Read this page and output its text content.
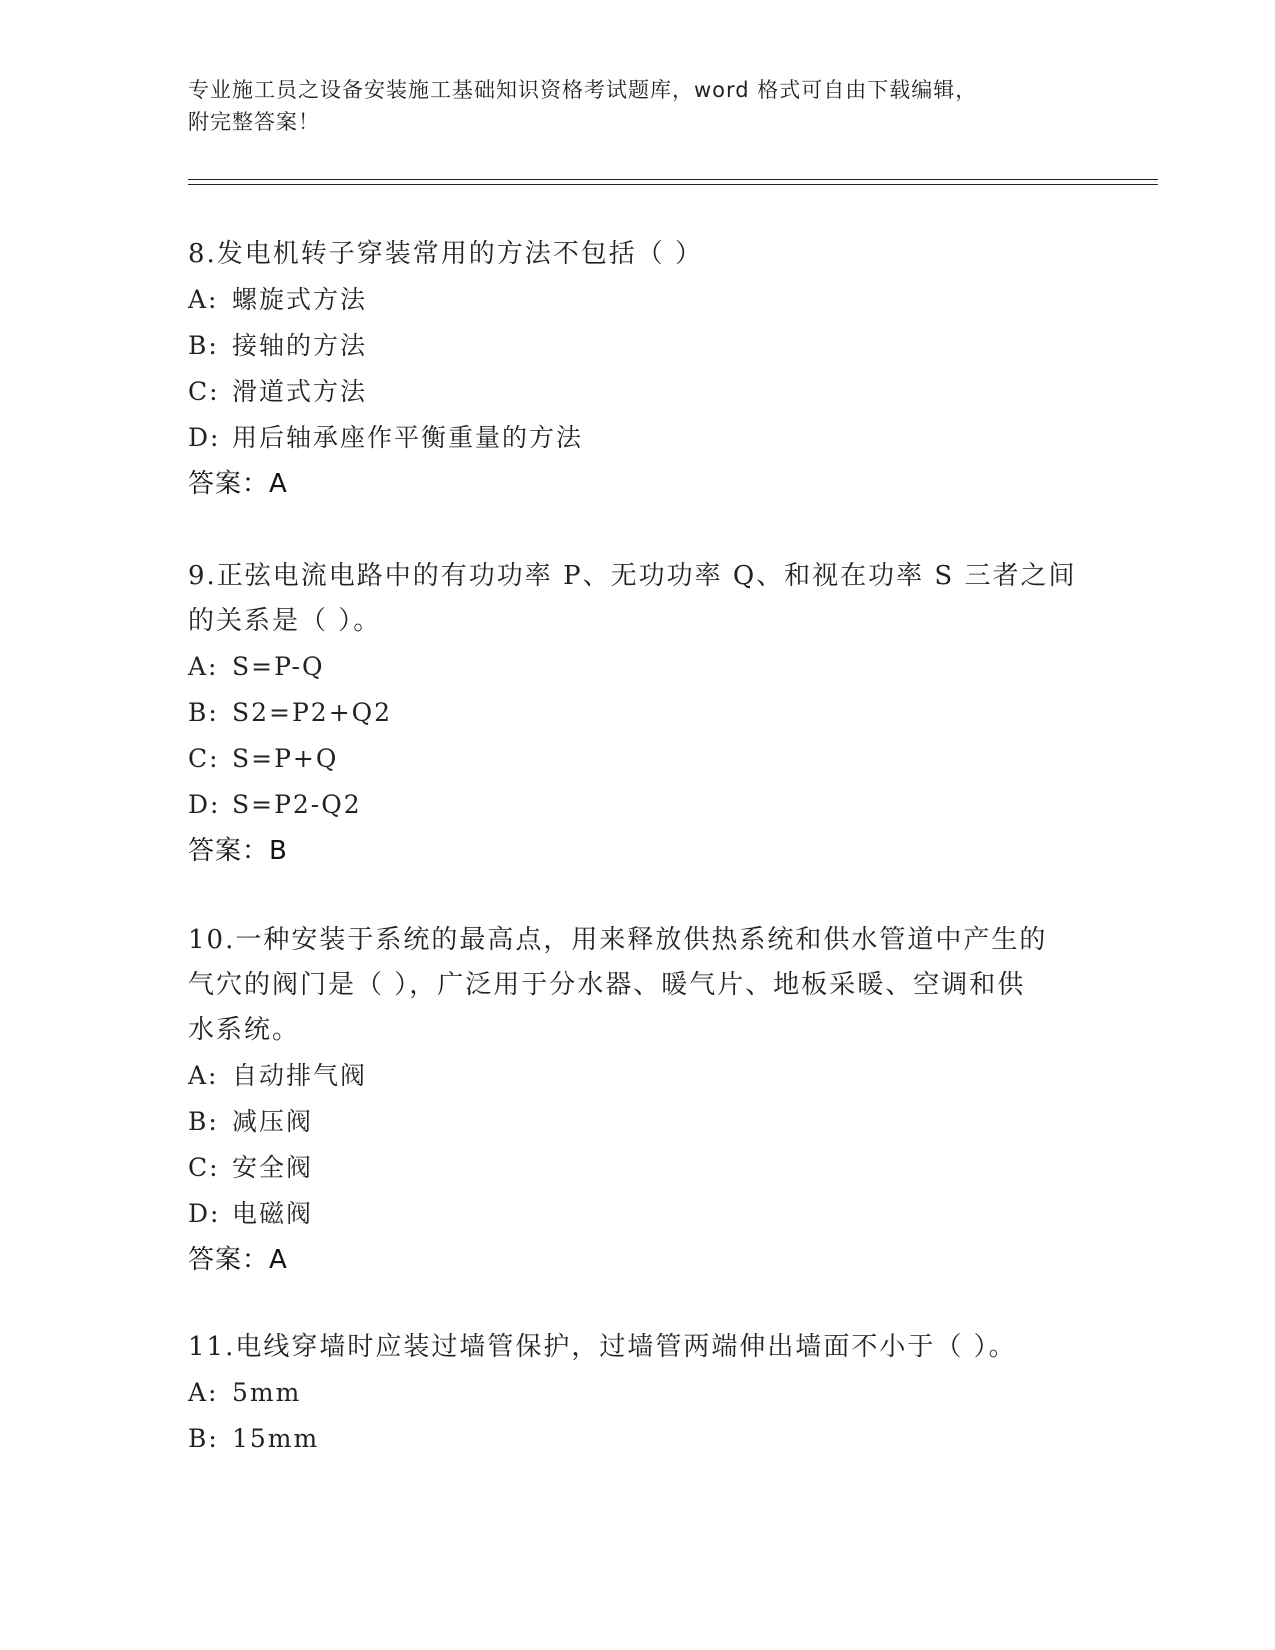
专业施工员之设备安装施工基础知识资格考试题库，word 格式可自由下载编辑，
附完整答案！

8.发电机转子穿装常用的方法不包括（ ）

A: 螺旋式方法

B: 接轴的方法

C: 滑道式方法

D: 用后轴承座作平衡重量的方法

答案：A

9.正弦电流电路中的有功功率 P、无功功率 Q、和视在功率 S 三者之间

的关系是（ ）。

A: S=P-Q

B: S2=P2+Q2

C: S=P+Q

D: S=P2-Q2

答案：B

10.一种安装于系统的最高点，用来释放供热系统和供水管道中产生的

气穴的阀门是（ ），广泛用于分水器、暖气片、地板采暖、空调和供

水系统。

A: 自动排气阀

B: 减压阀

C: 安全阀

D: 电磁阀

答案：A

11.电线穿墙时应装过墙管保护，过墙管两端伸出墙面不小于（ ）。

A: 5mm

B: 15mm
